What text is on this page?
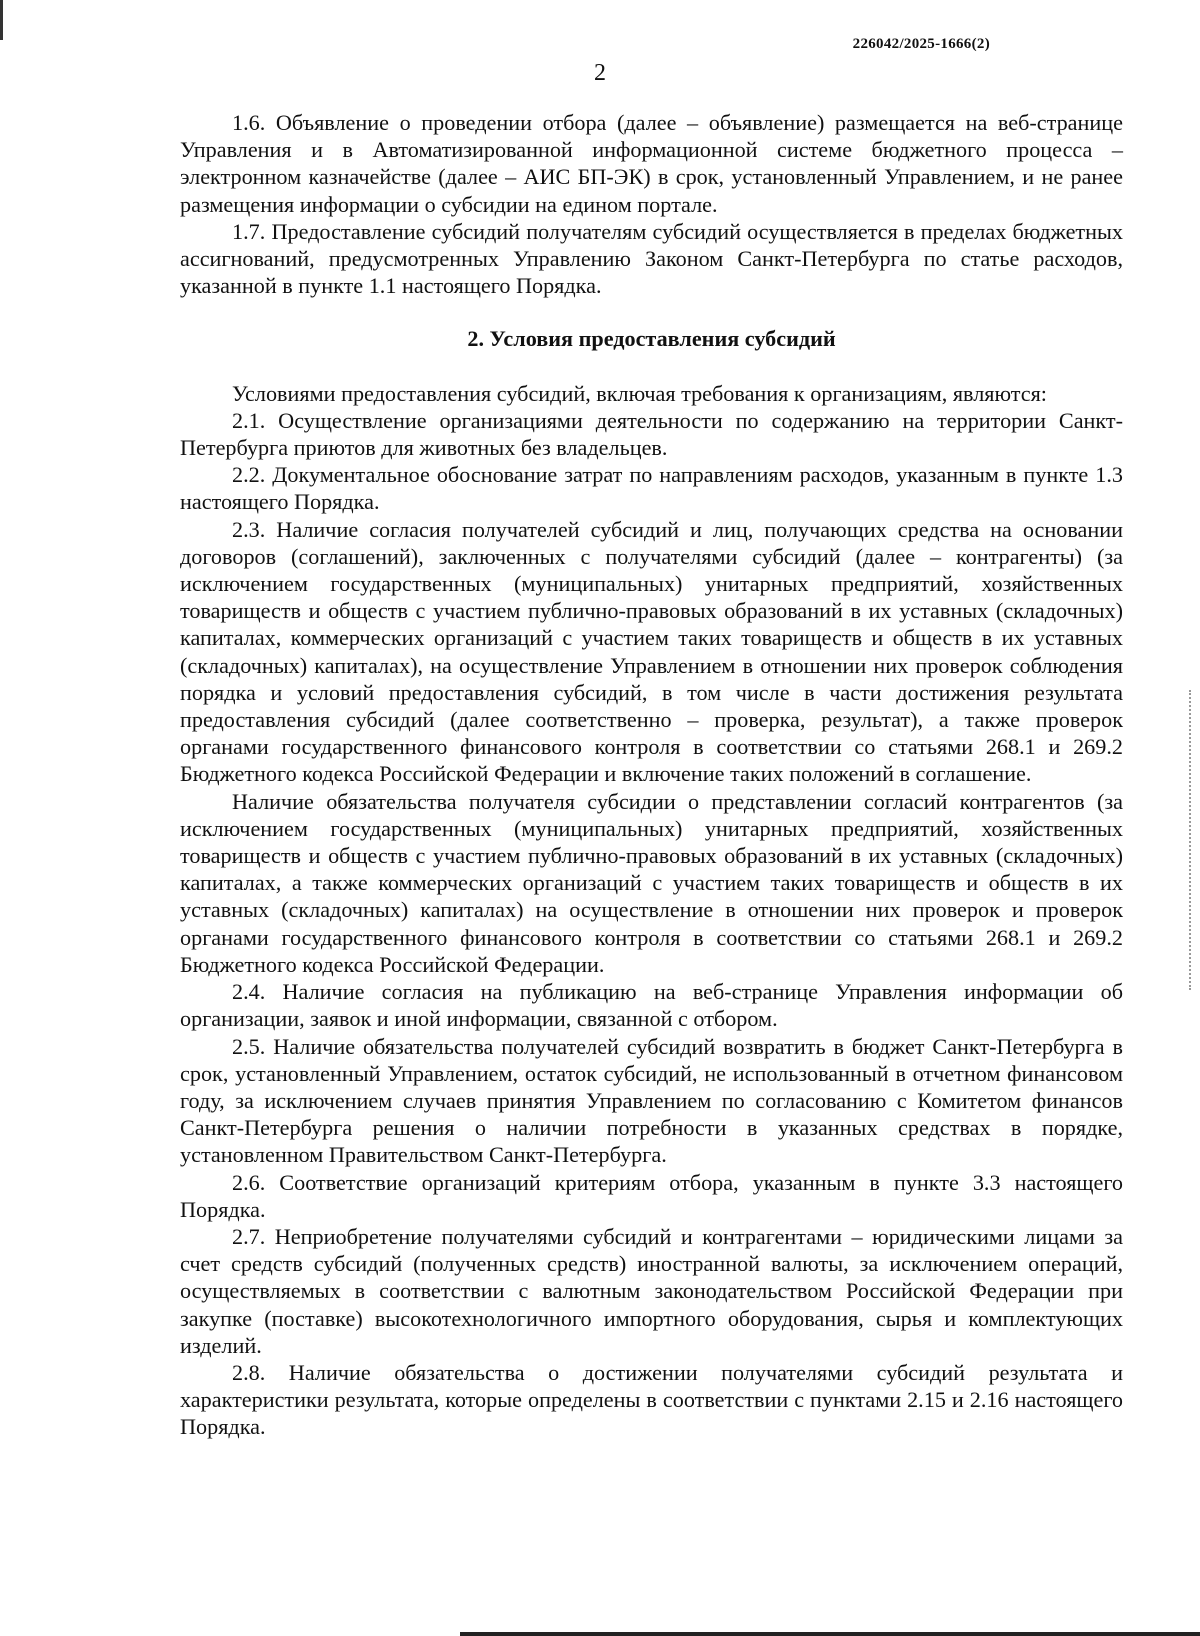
226042/2025-1666(2)
2

1.6. Объявление о проведении отбора (далее – объявление) размещается на веб-странице Управления и в Автоматизированной информационной системе бюджетного процесса – электронном казначействе (далее – АИС БП-ЭК) в срок, установленный Управлением, и не ранее размещения информации о субсидии на едином портале.

1.7. Предоставление субсидий получателям субсидий осуществляется в пределах бюджетных ассигнований, предусмотренных Управлению Законом Санкт-Петербурга по статье расходов, указанной в пункте 1.1 настоящего Порядка.

2. Условия предоставления субсидий

Условиями предоставления субсидий, включая требования к организациям, являются:

2.1. Осуществление организациями деятельности по содержанию на территории Санкт-Петербурга приютов для животных без владельцев.

2.2. Документальное обоснование затрат по направлениям расходов, указанным в пункте 1.3 настоящего Порядка.

2.3. Наличие согласия получателей субсидий и лиц, получающих средства на основании договоров (соглашений), заключенных с получателями субсидий (далее – контрагенты) (за исключением государственных (муниципальных) унитарных предприятий, хозяйственных товариществ и обществ с участием публично-правовых образований в их уставных (складочных) капиталах, коммерческих организаций с участием таких товариществ и обществ в их уставных (складочных) капиталах), на осуществление Управлением в отношении них проверок соблюдения порядка и условий предоставления субсидий, в том числе в части достижения результата предоставления субсидий (далее соответственно – проверка, результат), а также проверок органами государственного финансового контроля в соответствии со статьями 268.1 и 269.2 Бюджетного кодекса Российской Федерации и включение таких положений в соглашение.

Наличие обязательства получателя субсидии о представлении согласий контрагентов (за исключением государственных (муниципальных) унитарных предприятий, хозяйственных товариществ и обществ с участием публично-правовых образований в их уставных (складочных) капиталах, а также коммерческих организаций с участием таких товариществ и обществ в их уставных (складочных) капиталах) на осуществление в отношении них проверок и проверок органами государственного финансового контроля в соответствии со статьями 268.1 и 269.2 Бюджетного кодекса Российской Федерации.

2.4. Наличие согласия на публикацию на веб-странице Управления информации об организации, заявок и иной информации, связанной с отбором.

2.5. Наличие обязательства получателей субсидий возвратить в бюджет Санкт-Петербурга в срок, установленный Управлением, остаток субсидий, не использованный в отчетном финансовом году, за исключением случаев принятия Управлением по согласованию с Комитетом финансов Санкт-Петербурга решения о наличии потребности в указанных средствах в порядке, установленном Правительством Санкт-Петербурга.

2.6. Соответствие организаций критериям отбора, указанным в пункте 3.3 настоящего Порядка.

2.7. Неприобретение получателями субсидий и контрагентами – юридическими лицами за счет средств субсидий (полученных средств) иностранной валюты, за исключением операций, осуществляемых в соответствии с валютным законодательством Российской Федерации при закупке (поставке) высокотехнологичного импортного оборудования, сырья и комплектующих изделий.

2.8. Наличие обязательства о достижении получателями субсидий результата и характеристики результата, которые определены в соответствии с пунктами 2.15 и 2.16 настоящего Порядка.
